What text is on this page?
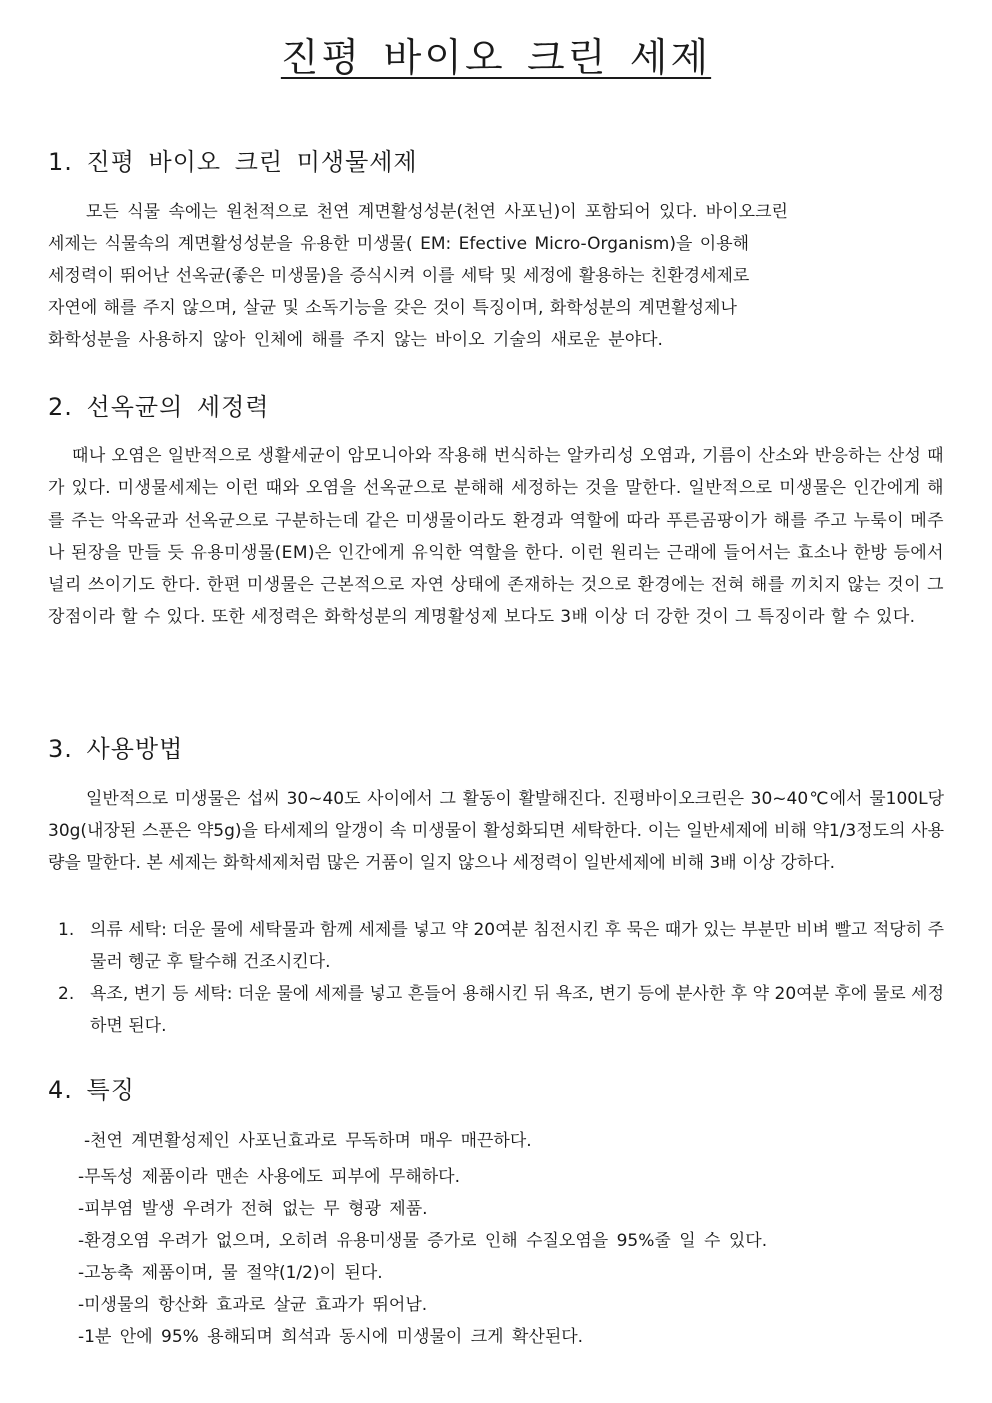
진평 바이오 크린 세제
1. 진평 바이오 크린 미생물세제
모든 식물 속에는 원천적으로 천연 계면활성성분(천연 사포닌)이 포함되어 있다. 바이오크린
세제는 식물속의 계면활성성분을 유용한 미생물( EM: Efective Micro-Organism)을 이용해
세정력이 뛰어난 선옥균(좋은 미생물)을 증식시켜 이를 세탁 및 세정에 활용하는 친환경세제로
자연에 해를 주지 않으며, 살균 및 소독기능을 갖은 것이 특징이며, 화학성분의 계면활성제나
화학성분을 사용하지 않아 인체에 해를 주지 않는 바이오 기술의 새로운 분야다.
2. 선옥균의 세정력

때나 오염은 일반적으로 생활세균이 암모니아와 작용해 번식하는 알카리성 오염과, 기름이 산소와 반응하는 산성 때가 있다. 미생물세제는 이런 때와 오염을 선옥균으로 분해해 세정하는 것을 말한다. 일반적으로 미생물은 인간에게 해를 주는 악옥균과 선옥균으로 구분하는데 같은 미생물이라도 환경과 역할에 따라 푸른곰팡이가 해를 주고 누룩이 메주나 된장을 만들 듯 유용미생물(EM)은 인간에게 유익한 역할을 한다. 이런 원리는 근래에 들어서는 효소나 한방 등에서 널리 쓰이기도 한다. 한편 미생물은 근본적으로 자연 상태에 존재하는 것으로 환경에는 전혀 해를 끼치지 않는 것이 그 장점이라 할 수 있다. 또한 세정력은 화학성분의 계명활성제 보다도 3배 이상 더 강한 것이 그 특징이라 할 수 있다.

3. 사용방법

일반적으로 미생물은 섭씨 30~40도 사이에서 그 활동이 활발해진다. 진평바이오크린은 30~40℃에서 물100L당 30g(내장된 스푼은 약5g)을 타세제의 알갱이 속 미생물이 활성화되면 세탁한다. 이는 일반세제에 비해 약1/3정도의 사용량을 말한다. 본 세제는 화학세제처럼 많은 거품이 일지 않으나 세정력이 일반세제에 비해 3배 이상 강하다.

1. 의류 세탁: 더운 물에 세탁물과 함께 세제를 넣고 약 20여분 침전시킨 후 묵은 때가 있는 부분만 비벼 빨고 적당히 주물러 헹군 후 탈수해 건조시킨다.
2. 욕조, 변기 등 세탁: 더운 물에 세제를 넣고 흔들어 용해시킨 뒤 욕조, 변기 등에 분사한 후 약 20여분 후에 물로 세정하면 된다.
4. 특징
-천연 계면활성제인 사포닌효과로 무독하며 매우 매끈하다.
-무독성 제품이라 맨손 사용에도 피부에 무해하다.
-피부염 발생 우려가 전혀 없는 무 형광 제품.
-환경오염 우려가 없으며, 오히려 유용미생물 증가로 인해 수질오염을 95%줄 일 수 있다.
-고농축 제품이며, 물 절약(1/2)이 된다.
-미생물의 항산화 효과로 살균 효과가 뛰어남.
-1분 안에 95% 용해되며 희석과 동시에 미생물이 크게 확산된다.
